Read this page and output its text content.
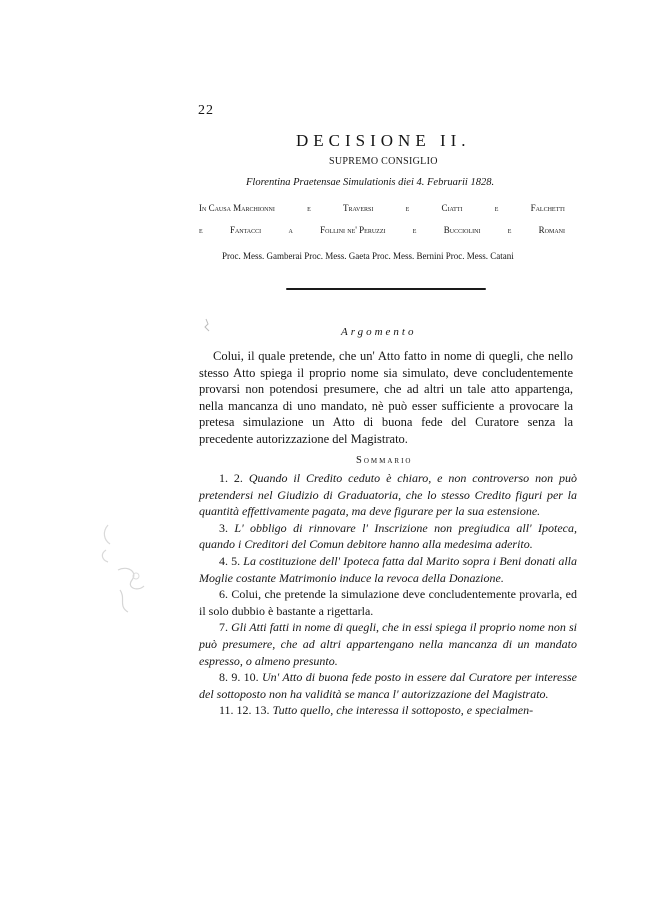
22
DECISIONE II.
SUPREMO CONSIGLIO
Florentina Praetensae Simulationis diei 4. Februarii 1828.
In Causa Marchionni	e	Traversi	e	Ciatti	e	Falchetti
e	Fantacci	a	Follini ne' Peruzzi	e	Bucciolini	e	Romani
Proc. Mess. Gamberai Proc. Mess. Gaeta Proc. Mess. Bernini Proc. Mess. Catani
Argomento

Colui, il quale pretende, che un' Atto fatto in nome di quegli, che nello stesso Atto spiega il proprio nome sia simulato, deve concludentemente provarsi non potendosi presumere, che ad altri un tale atto appartenga, nella mancanza di uno mandato, nè può esser sufficiente a provocare la pretesa simulazione un Atto di buona fede del Curatore senza la precedente autorizzazione del Magistrato.

Sommario
1. 2. Quando il Credito ceduto è chiaro, e non controverso non può pretendersi nel Giudizio di Graduatoria, che lo stesso Credito figuri per la quantità effettivamente pagata, ma deve figurare per la sua estensione.
3. L' obbligo di rinnovare l' Inscrizione non pregiudica all' Ipoteca, quando i Creditori del Comun debitore hanno alla medesima aderito.
4. 5. La costituzione dell' Ipoteca fatta dal Marito sopra i Beni donati alla Moglie costante Matrimonio induce la revoca della Donazione.
6. Colui, che pretende la simulazione deve concludentemente provarla, ed il solo dubbio è bastante a rigettarla.
7. Gli Atti fatti in nome di quegli, che in essi spiega il proprio nome non si può presumere, che ad altri appartengano nella mancanza di un mandato espresso, o almeno presunto.
8. 9. 10. Un' Atto di buona fede posto in essere dal Curatore per interesse del sottoposto non ha validità se manca l' autorizzazione del Magistrato.
11. 12. 13. Tutto quello, che interessa il sottoposto, e specialmen-
